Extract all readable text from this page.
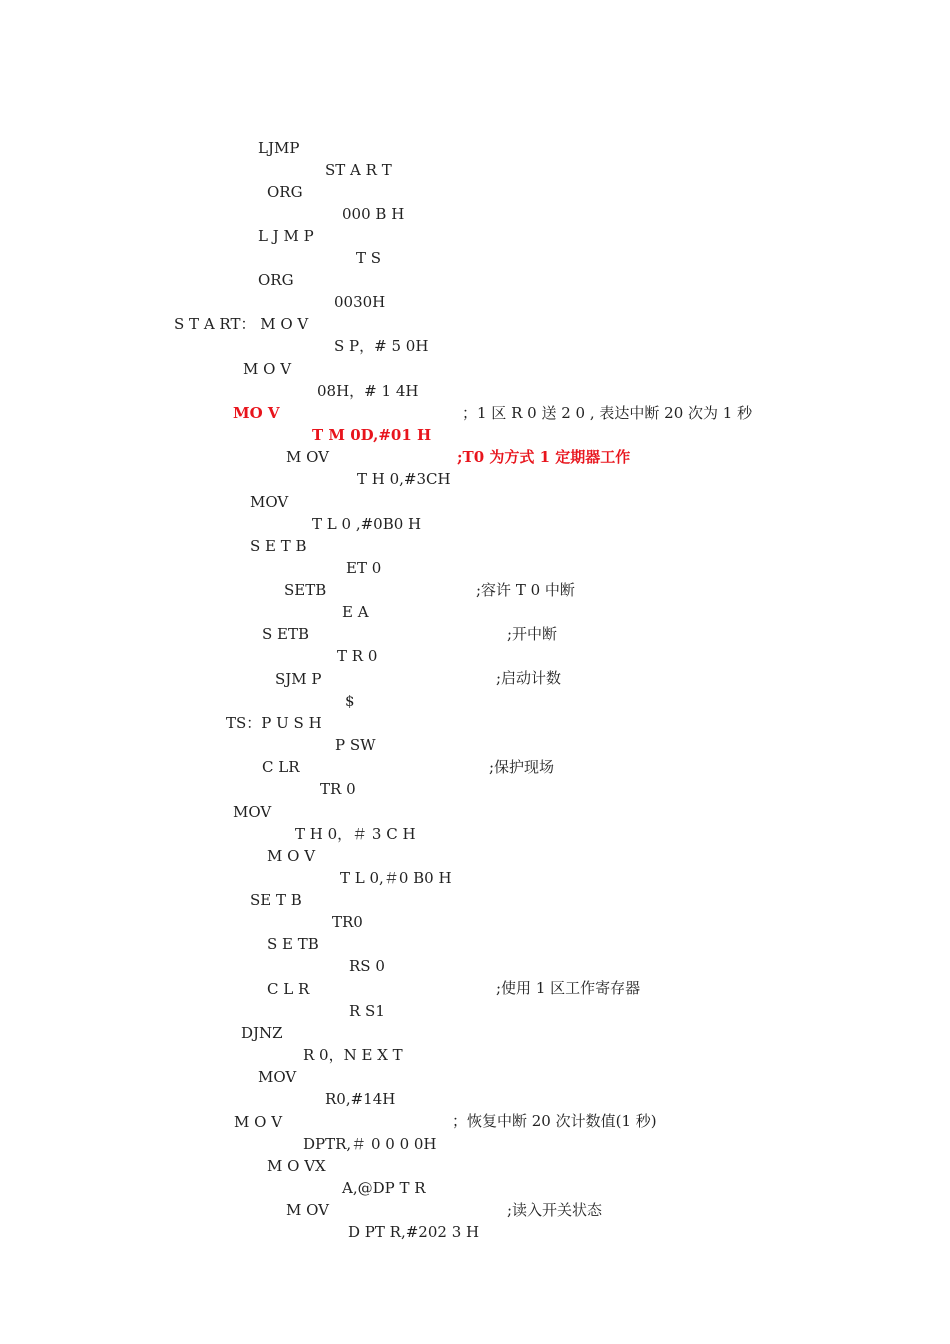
LJMP

ST A R T

ORG

000 B H

L J M P

T S

ORG

0030H

S T A RT： M O V

S P，# 5 0H

M O V

08H，# 1 4H

；1 区 R 0 送 2 0 , 表达中断 20 次为 1 秒

MO V

T M 0D,#01 H

;T0 为方式 1 定期器工作

M OV

T H 0,#3CH

MOV

T L 0 ,#0B0 H

S E T B

ET 0

;容许 T 0 中断

SETB

E A

;开中断

S ETB

T R 0

;启动计数

SJM P

$

TS：P U S H

P SW

;保护现场

C LR

TR 0

MOV

T H 0，＃ 3 C H

M O V

T L 0,＃0 B0 H

SE T B

TR0

S E TB

RS 0

;使用 1 区工作寄存器

C L R

R S1

DJNZ

R 0，N E X T

MOV

R0,#14H

；恢复中断 20 次计数值(1 秒)

M O V

DPTR,＃ 0 0 0 0H

M O VX

A,@DP T R

;读入开关状态

M OV

D PT R,#202 3 H
